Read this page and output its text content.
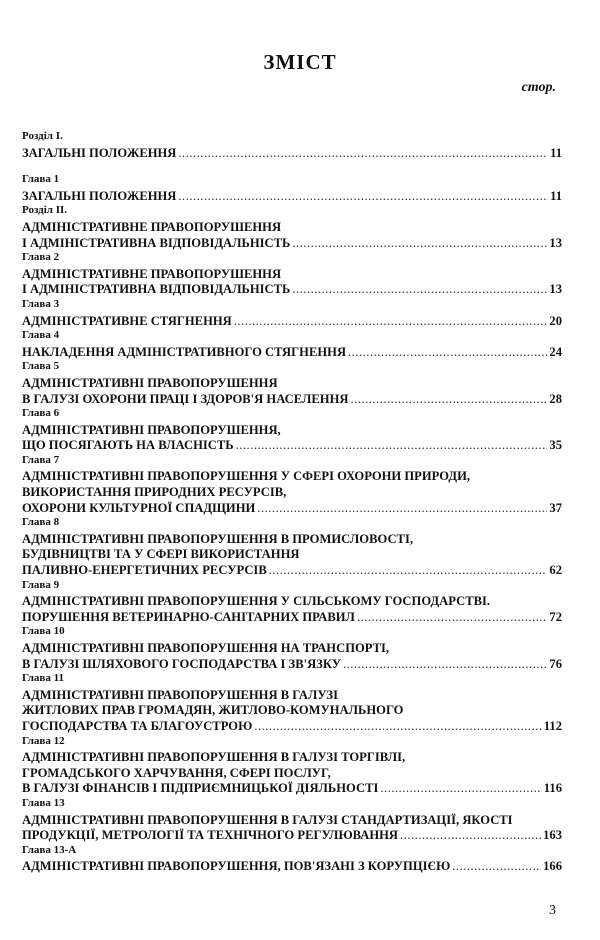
ЗМІСТ
стор.
Розділ І.
ЗАГАЛЬНІ ПОЛОЖЕННЯ .....	11
Глава 1
ЗАГАЛЬНІ ПОЛОЖЕННЯ .....	11
Розділ ІІ.
АДМІНІСТРАТИВНЕ ПРАВОПОРУШЕННЯ
І АДМІНІСТРАТИВНА ВІДПОВІДАЛЬНІСТЬ .....	13
Глава 2
АДМІНІСТРАТИВНЕ ПРАВОПОРУШЕННЯ
І АДМІНІСТРАТИВНА ВІДПОВІДАЛЬНІСТЬ .....	13
Глава 3
АДМІНІСТРАТИВНЕ СТЯГНЕННЯ .....	20
Глава 4
НАКЛАДЕННЯ АДМІНІСТРАТИВНОГО СТЯГНЕННЯ .....	24
Глава 5
АДМІНІСТРАТИВНІ ПРАВОПОРУШЕННЯ
В ГАЛУЗІ ОХОРОНИ ПРАЦІ І ЗДОРОВ'Я НАСЕЛЕННЯ .....	28
Глава 6
АДМІНІСТРАТИВНІ ПРАВОПОРУШЕННЯ,
ЩО ПОСЯГАЮТЬ НА ВЛАСНІСТЬ .....	35
Глава 7
АДМІНІСТРАТИВНІ ПРАВОПОРУШЕННЯ У СФЕРІ ОХОРОНИ ПРИРОДИ,
ВИКОРИСТАННЯ ПРИРОДНИХ РЕСУРСІВ,
ОХОРОНИ КУЛЬТУРНОЇ СПАДЩИНИ .....	37
Глава 8
АДМІНІСТРАТИВНІ ПРАВОПОРУШЕННЯ В ПРОМИСЛОВОСТІ,
БУДІВНИЦТВІ ТА У СФЕРІ ВИКОРИСТАННЯ
ПАЛИВНО-ЕНЕРГЕТИЧНИХ РЕСУРСІВ .....	62
Глава 9
АДМІНІСТРАТИВНІ ПРАВОПОРУШЕННЯ У СІЛЬСЬКОМУ ГОСПОДАРСТВІ.
ПОРУШЕННЯ ВЕТЕРИНАРНО-САНІТАРНИХ ПРАВИЛ .....	72
Глава 10
АДМІНІСТРАТИВНІ ПРАВОПОРУШЕННЯ НА ТРАНСПОРТІ,
В ГАЛУЗІ ШЛЯХОВОГО ГОСПОДАРСТВА І ЗВ'ЯЗКУ .....	76
Глава 11
АДМІНІСТРАТИВНІ ПРАВОПОРУШЕННЯ В ГАЛУЗІ
ЖИТЛОВИХ ПРАВ ГРОМАДЯН, ЖИТЛОВО-КОМУНАЛЬНОГО
ГОСПОДАРСТВА ТА БЛАГОУСТРОЮ .....	112
Глава 12
АДМІНІСТРАТИВНІ ПРАВОПОРУШЕННЯ В ГАЛУЗІ ТОРГІВЛІ,
ГРОМАДСЬКОГО ХАРЧУВАННЯ, СФЕРІ ПОСЛУГ,
В ГАЛУЗІ ФІНАНСІВ І ПІДПРИЄМНИЦЬКОЇ ДІЯЛЬНОСТІ .....	116
Глава 13
АДМІНІСТРАТИВНІ ПРАВОПОРУШЕННЯ В ГАЛУЗІ СТАНДАРТИЗАЦІЇ, ЯКОСТІ
ПРОДУКЦІЇ, МЕТРОЛОГІЇ ТА ТЕХНІЧНОГО РЕГУЛЮВАННЯ .....	163
Глава 13-А
АДМІНІСТРАТИВНІ ПРАВОПОРУШЕННЯ, ПОВ'ЯЗАНІ З КОРУПЦІЄЮ .....	166
3
